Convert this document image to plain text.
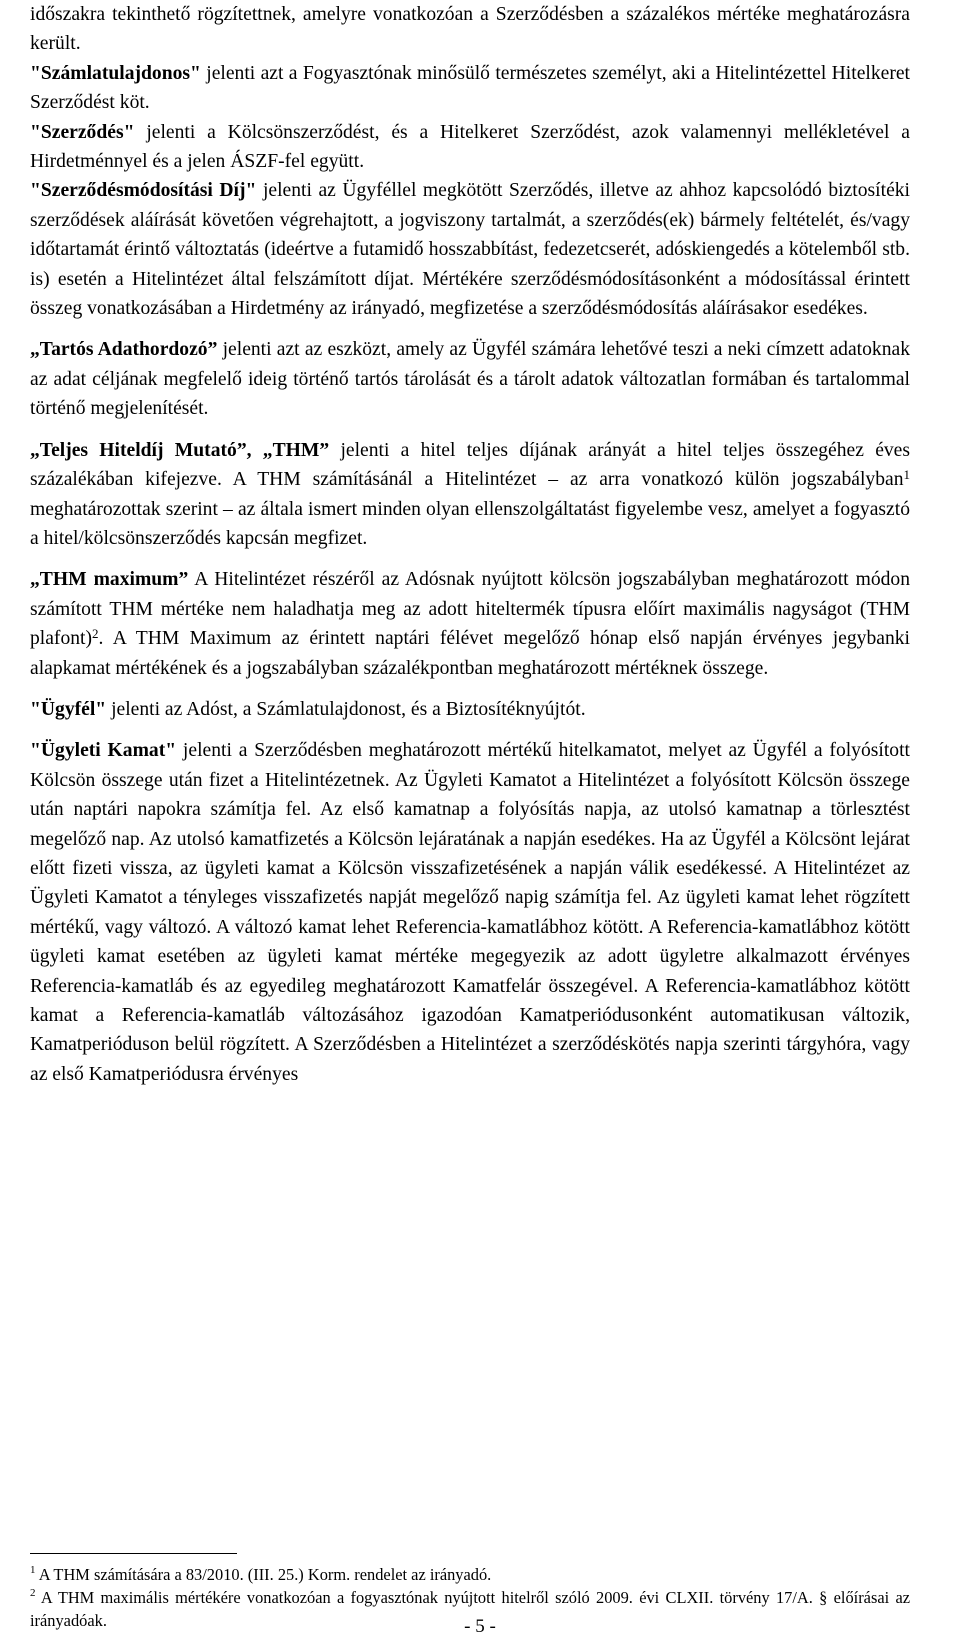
időszakra tekinthető rögzítettnek, amelyre vonatkozóan a Szerződésben a százalékos mértéke meghatározásra került.

"Számlatulajdonos" jelenti azt a Fogyasztónak minősülő természetes személyt, aki a Hitelintézettel Hitelkeret Szerződést köt.

"Szerződés" jelenti a Kölcsönszerződést, és a Hitelkeret Szerződést, azok valamennyi mellékletével a Hirdetménnyel és a jelen ÁSZF-fel együtt.

"Szerződésmódosítási Díj" jelenti az Ügyféllel megkötött Szerződés, illetve az ahhoz kapcsolódó biztosítéki szerződések aláírását követően végrehajtott, a jogviszony tartalmát, a szerződés(ek) bármely feltételét, és/vagy időtartamát érintő változtatás (ideértve a futamidő hosszabbítást, fedezetcserét, adóskiengedés a kötelemből stb. is) esetén a Hitelintézet által felszámított díjat. Mértékére szerződésmódosításonként a módosítással érintett összeg vonatkozásában a Hirdetmény az irányadó, megfizetése a szerződésmódosítás aláírásakor esedékes.

„Tartós Adathordozó” jelenti azt az eszközt, amely az Ügyfél számára lehetővé teszi a neki címzett adatoknak az adat céljának megfelelő ideig történő tartós tárolását és a tárolt adatok változatlan formában és tartalommal történő megjelenítését.

„Teljes Hiteldíj Mutató”, „THM” jelenti a hitel teljes díjának arányát a hitel teljes összegéhez éves százalékában kifejezve. A THM számításánál a Hitelintézet – az arra vonatkozó külön jogszabályban$^1$ meghatározottak szerint – az általa ismert minden olyan ellenszolgáltatást figyelembe vesz, amelyet a fogyasztó a hitel/kölcsönszerződés kapcsán megfizet.

„THM maximum” A Hitelintézet részéről az Adósnak nyújtott kölcsön jogszabályban meghatározott módon számított THM mértéke nem haladhatja meg az adott hiteltermék típusra előírt maximális nagyságot (THM plafont)$^2$. A THM Maximum az érintett naptári félévet megelőző hónap első napján érvényes jegybanki alapkamat mértékének és a jogszabályban százalékpontban meghatározott mértéknek összege.

"Ügyfél" jelenti az Adóst, a Számlatulajdonost, és a Biztosítéknyújtót.

"Ügyleti Kamat" jelenti a Szerződésben meghatározott mértékű hitelkamatot, melyet az Ügyfél a folyósított Kölcsön összege után fizet a Hitelintézetnek. Az Ügyleti Kamatot a Hitelintézet a folyósított Kölcsön összege után naptári napokra számítja fel. Az első kamatnap a folyósítás napja, az utolsó kamatnap a törlesztést megelőző nap. Az utolsó kamatfizetés a Kölcsön lejáratának a napján esedékes. Ha az Ügyfél a Kölcsönt lejárat előtt fizeti vissza, az ügyleti kamat a Kölcsön visszafizetésének a napján válik esedékessé. A Hitelintézet az Ügyleti Kamatot a tényleges visszafizetés napját megelőző napig számítja fel. Az ügyleti kamat lehet rögzített mértékű, vagy változó. A változó kamat lehet Referencia-kamatlábhoz kötött. A Referencia-kamatlábhoz kötött ügyleti kamat esetében az ügyleti kamat mértéke megegyezik az adott ügyletre alkalmazott érvényes Referencia-kamatláb és az egyedileg meghatározott Kamatfelár összegével. A Referencia-kamatlábhoz kötött kamat a Referencia-kamatláb változásához igazodóan Kamatperiódusonként automatikusan változik, Kamatperióduson belül rögzített. A Szerződésben a Hitelintézet a szerződéskötés napja szerinti tárgyhóra, vagy az első Kamatperiódusra érvényes

$^1$ A THM számítására a 83/2010. (III. 25.) Korm. rendelet az irányadó.

$^2$ A THM maximális mértékére vonatkozóan a fogyasztónak nyújtott hitelről szóló 2009. évi CLXII. törvény 17/A. § előírásai az irányadóak.	- 5 -
